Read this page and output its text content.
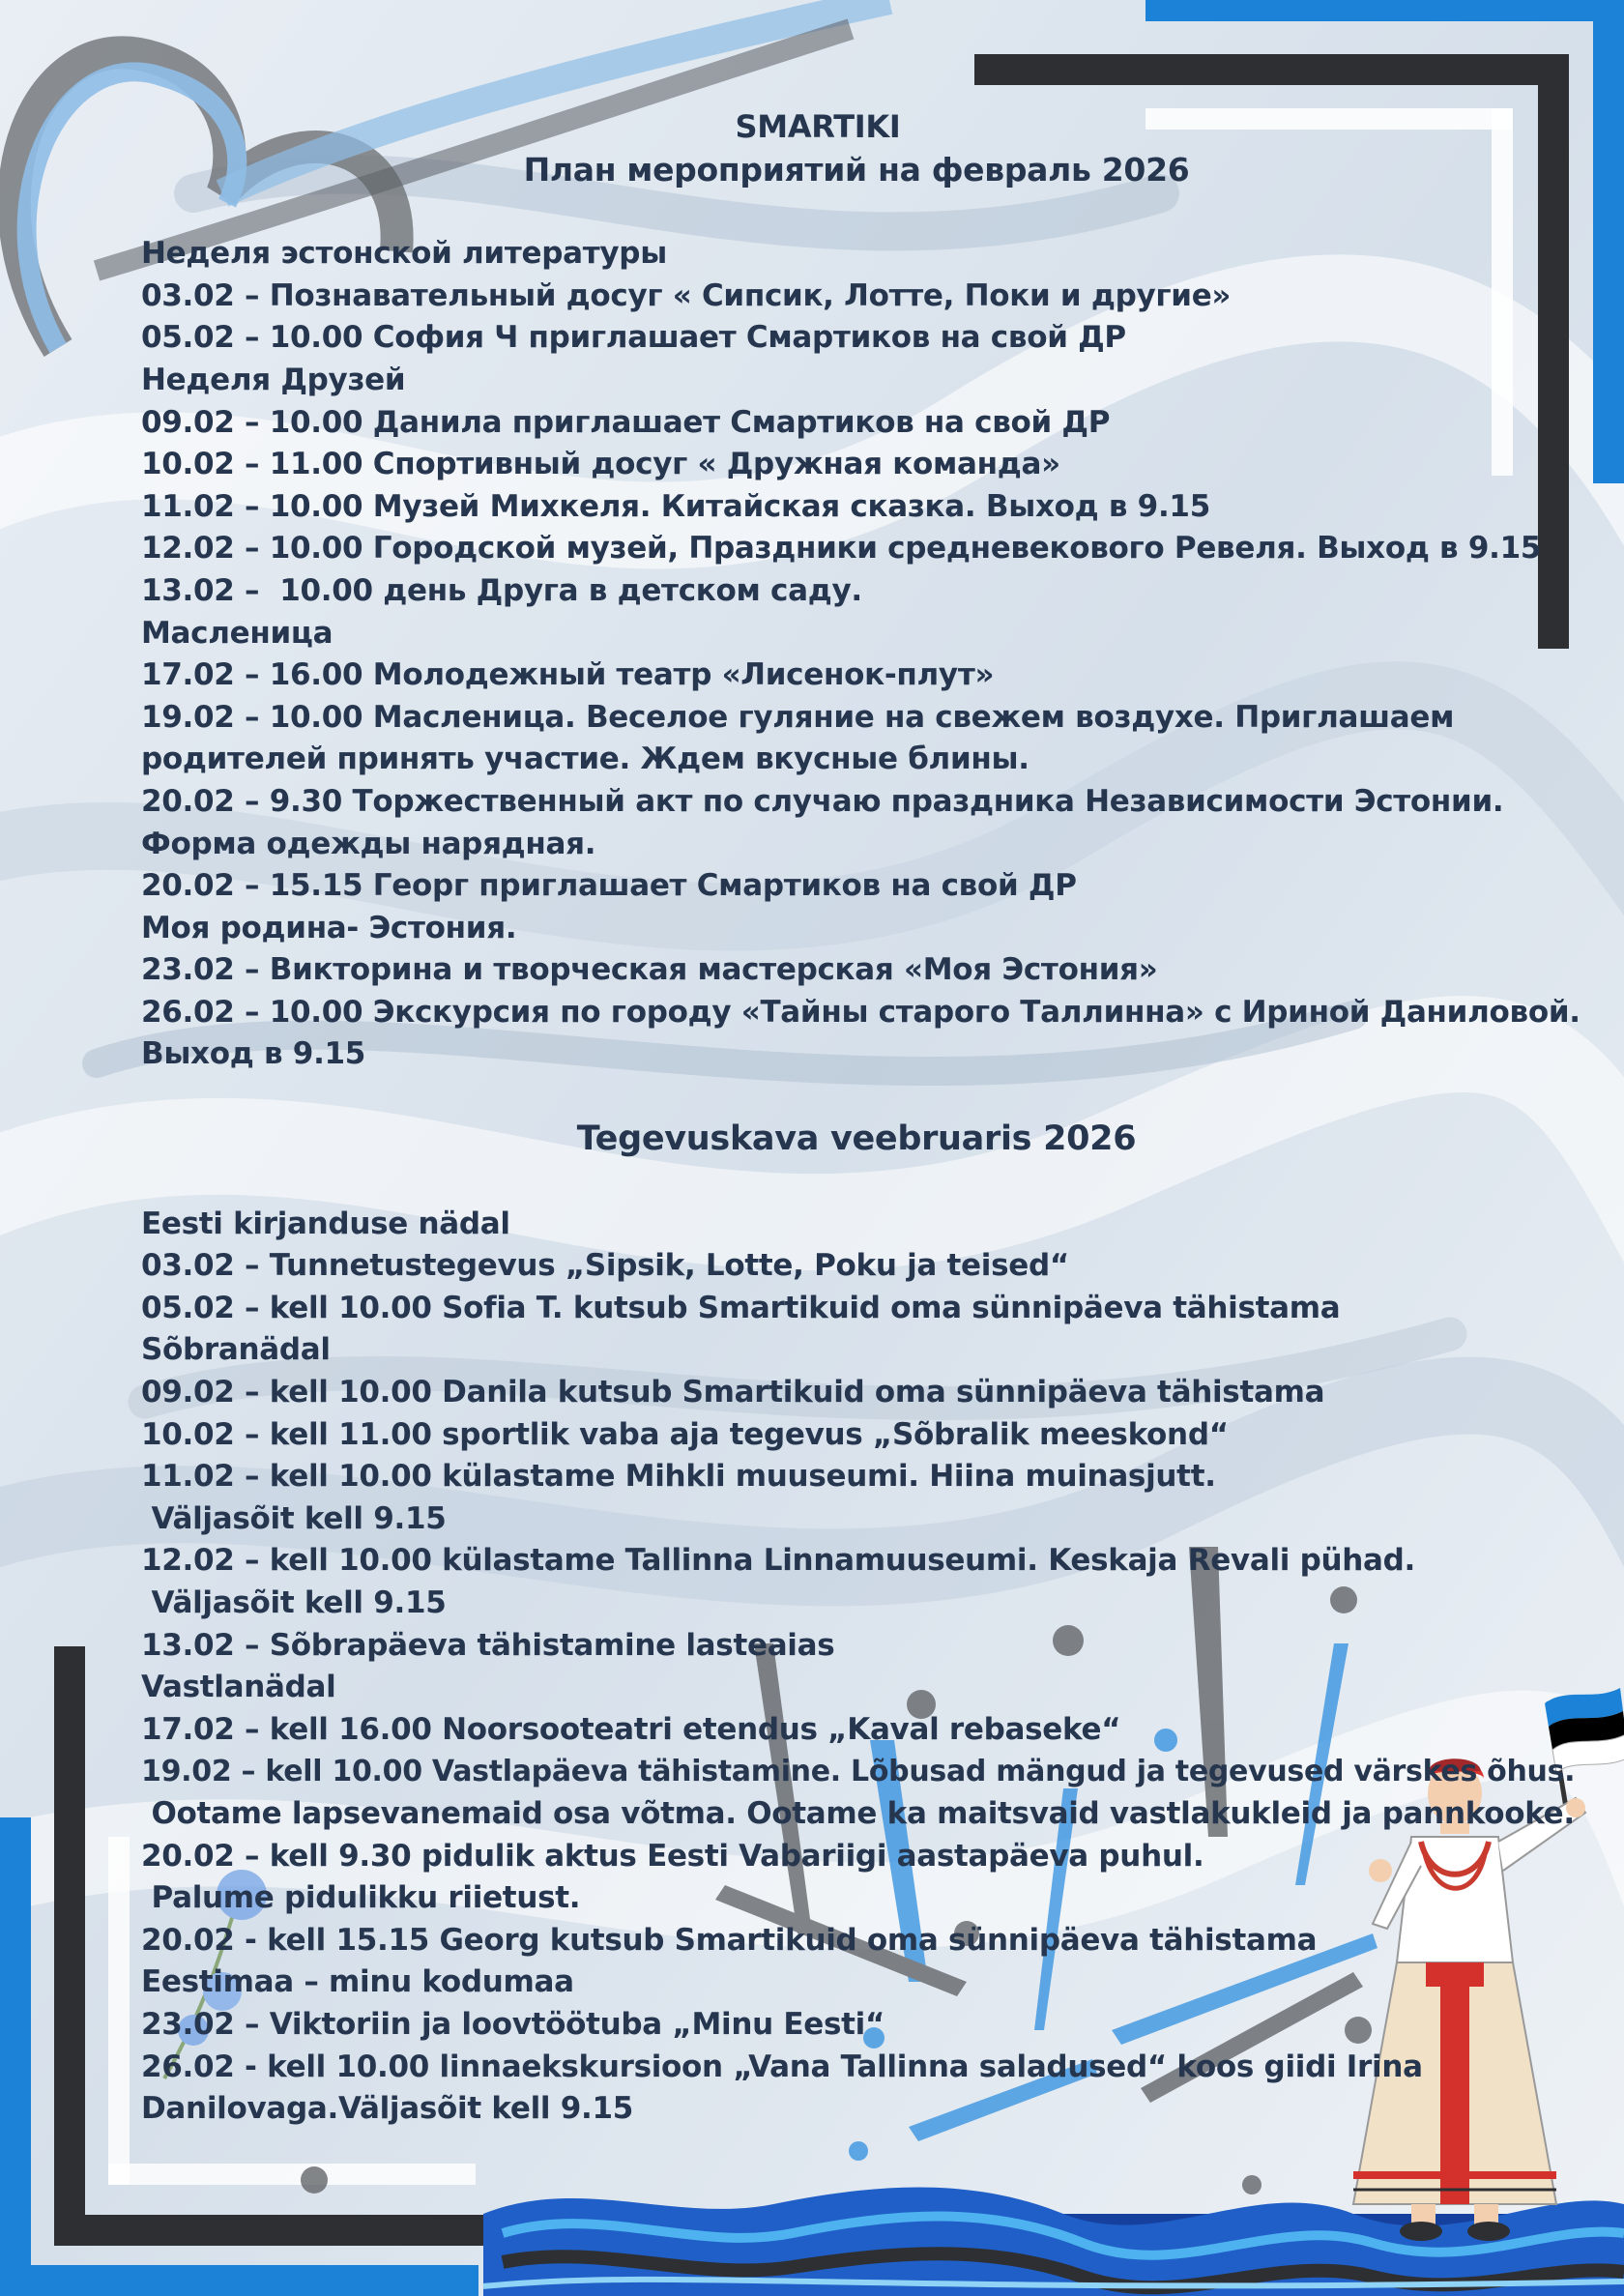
SMARTIKI
План мероприятий на февраль 2026
Неделя эстонской литературы
03.02 – Познавательный досуг « Сипсик, Лотте, Поки и другие»
05.02 – 10.00 София Ч приглашает Смартиков на свой ДР
Неделя Друзей
09.02 – 10.00 Данила приглашает Смартиков на свой ДР
10.02 – 11.00 Спортивный досуг « Дружная команда»
11.02 – 10.00 Музей Михкеля. Китайская сказка. Выход в 9.15
12.02 – 10.00 Городской музей, Праздники средневекового Ревеля. Выход в 9.15
13.02 –  10.00 день Друга в детском саду.
Масленица
17.02 – 16.00 Молодежный театр «Лисенок-плут»
19.02 – 10.00 Масленица. Веселое гуляние на свежем воздухе. Приглашаем
родителей принять участие. Ждем вкусные блины.
20.02 – 9.30 Торжественный акт по случаю праздника Независимости Эстонии.
Форма одежды нарядная.
20.02 – 15.15 Георг приглашает Смартиков на свой ДР
Моя родина- Эстония.
23.02 – Викторина и творческая мастерская «Моя Эстония»
26.02 – 10.00 Экскурсия по городу «Тайны старого Таллинна» с Ириной Даниловой.
Выход в 9.15
Tegevuskava veebruaris 2026
Eesti kirjanduse nädal
03.02 – Tunnetustegevus „Sipsik, Lotte, Poku ja teised“
05.02 – kell 10.00 Sofia T. kutsub Smartikuid oma sünnipäeva tähistama
Sõbranädal
09.02 – kell 10.00 Danila kutsub Smartikuid oma sünnipäeva tähistama
10.02 – kell 11.00 sportlik vaba aja tegevus „Sõbralik meeskond“
11.02 – kell 10.00 külastame Mihkli muuseumi. Hiina muinasjutt.
Väljasõit kell 9.15
12.02 – kell 10.00 külastame Tallinna Linnamuuseumi. Keskaja Revali pühad.
Väljasõit kell 9.15
13.02 – Sõbrapäeva tähistamine lasteaias
Vastlanädal
17.02 – kell 16.00 Noorsooteatri etendus „Kaval rebaseke“
19.02 – kell 10.00 Vastlapäeva tähistamine. Lõbusad mängud ja tegevused värskes õhus.
Ootame lapsevanemaid osa võtma. Ootame ka maitsvaid vastlakukleid ja pannkooke.
20.02 – kell 9.30 pidulik aktus Eesti Vabariigi aastapäeva puhul.
Palume pidulikku riietust.
20.02 - kell 15.15 Georg kutsub Smartikuid oma sünnipäeva tähistama
Eestimaa – minu kodumaa
23.02 – Viktoriin ja loovtöötuba „Minu Eesti“
26.02 - kell 10.00 linnaekskursioon „Vana Tallinna saladused“ koos giidi Irina
Danilovaga.Väljasõit kell 9.15
